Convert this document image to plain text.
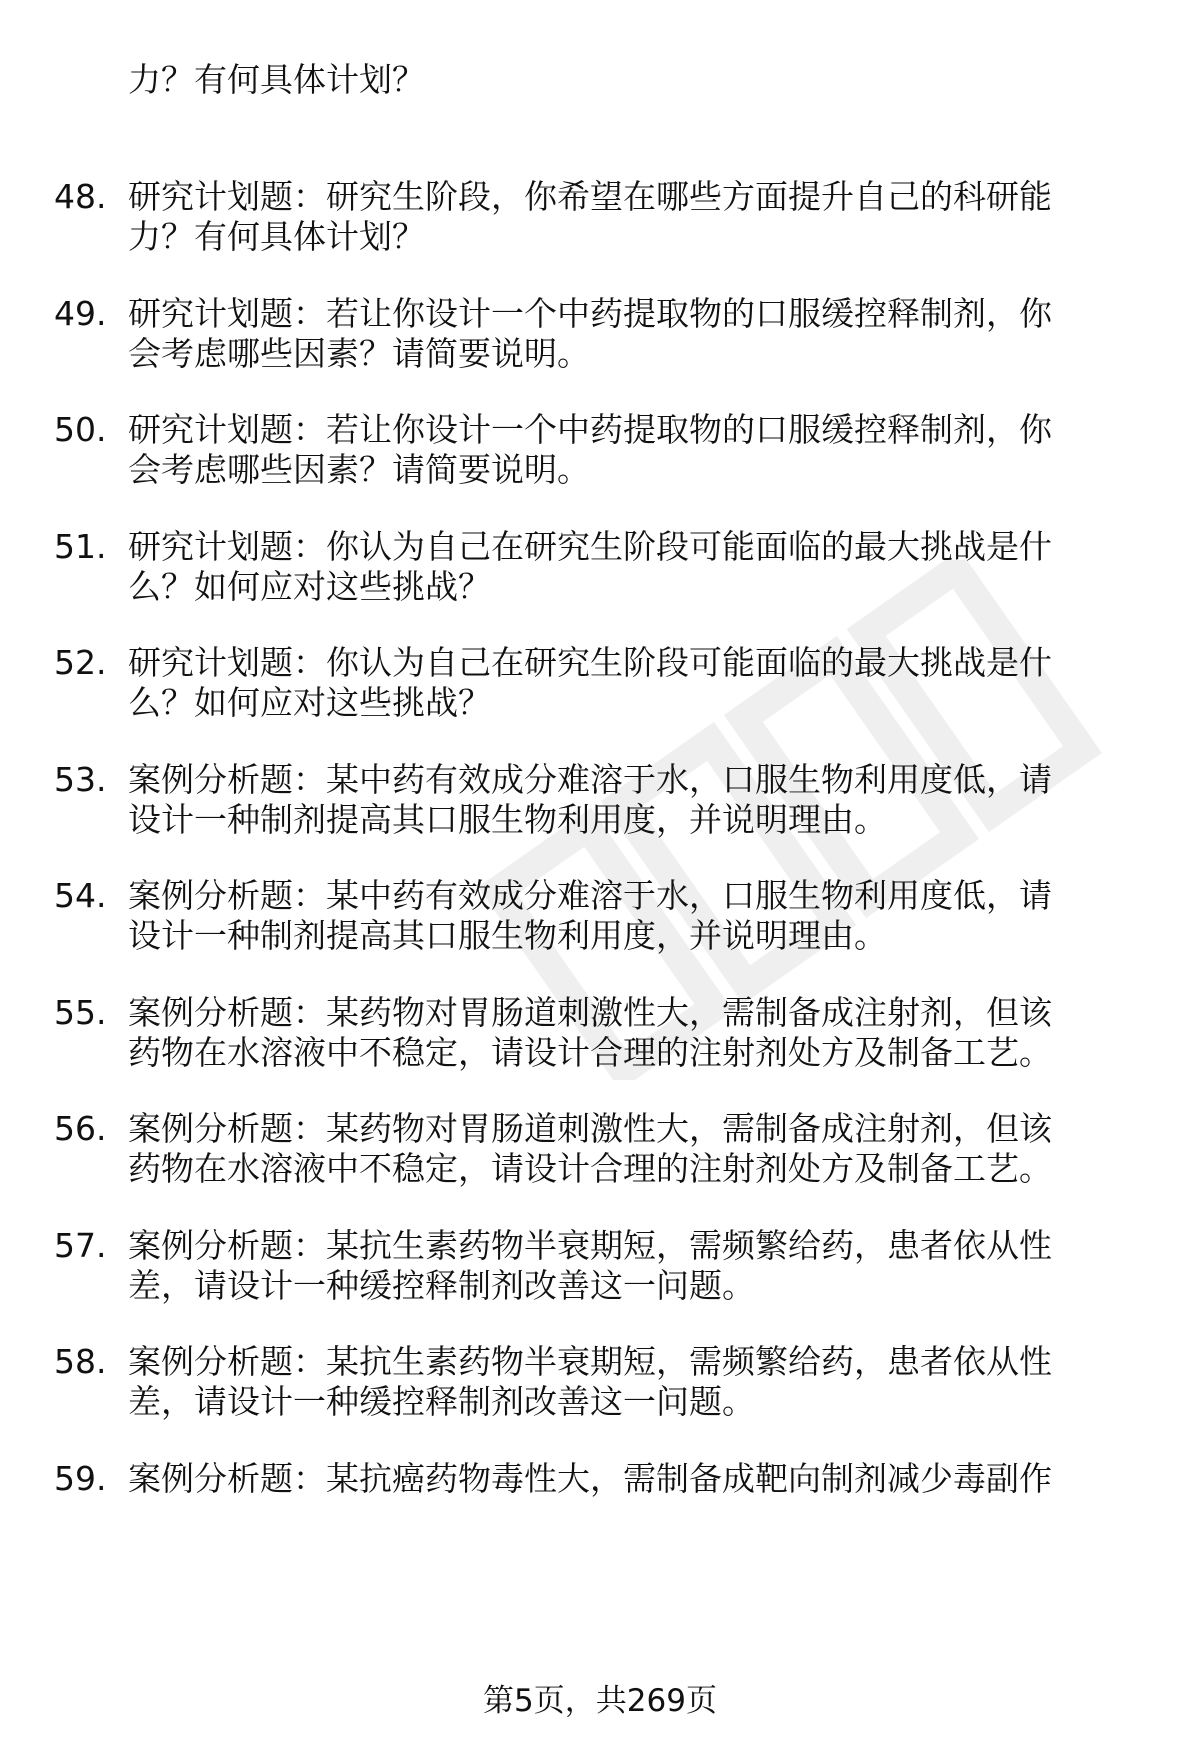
力？有何具体计划？
48. 研究计划题：研究生阶段，你希望在哪些方面提升自己的科研能
力？有何具体计划？
49. 研究计划题：若让你设计一个中药提取物的口服缓控释制剂，你
会考虑哪些因素？请简要说明。
50. 研究计划题：若让你设计一个中药提取物的口服缓控释制剂，你
会考虑哪些因素？请简要说明。
51. 研究计划题：你认为自己在研究生阶段可能面临的最大挑战是什
么？如何应对这些挑战？
52. 研究计划题：你认为自己在研究生阶段可能面临的最大挑战是什
么？如何应对这些挑战？
53. 案例分析题：某中药有效成分难溶于水，口服生物利用度低，请
设计一种制剂提高其口服生物利用度，并说明理由。
54. 案例分析题：某中药有效成分难溶于水，口服生物利用度低，请
设计一种制剂提高其口服生物利用度，并说明理由。
55. 案例分析题：某药物对胃肠道刺激性大，需制备成注射剂，但该
药物在水溶液中不稳定，请设计合理的注射剂处方及制备工艺。
56. 案例分析题：某药物对胃肠道刺激性大，需制备成注射剂，但该
药物在水溶液中不稳定，请设计合理的注射剂处方及制备工艺。
57. 案例分析题：某抗生素药物半衰期短，需频繁给药，患者依从性
差，请设计一种缓控释制剂改善这一问题。
58. 案例分析题：某抗生素药物半衰期短，需频繁给药，患者依从性
差，请设计一种缓控释制剂改善这一问题。
59. 案例分析题：某抗癌药物毒性大，需制备成靶向制剂减少毒副作
第5页，共269页
